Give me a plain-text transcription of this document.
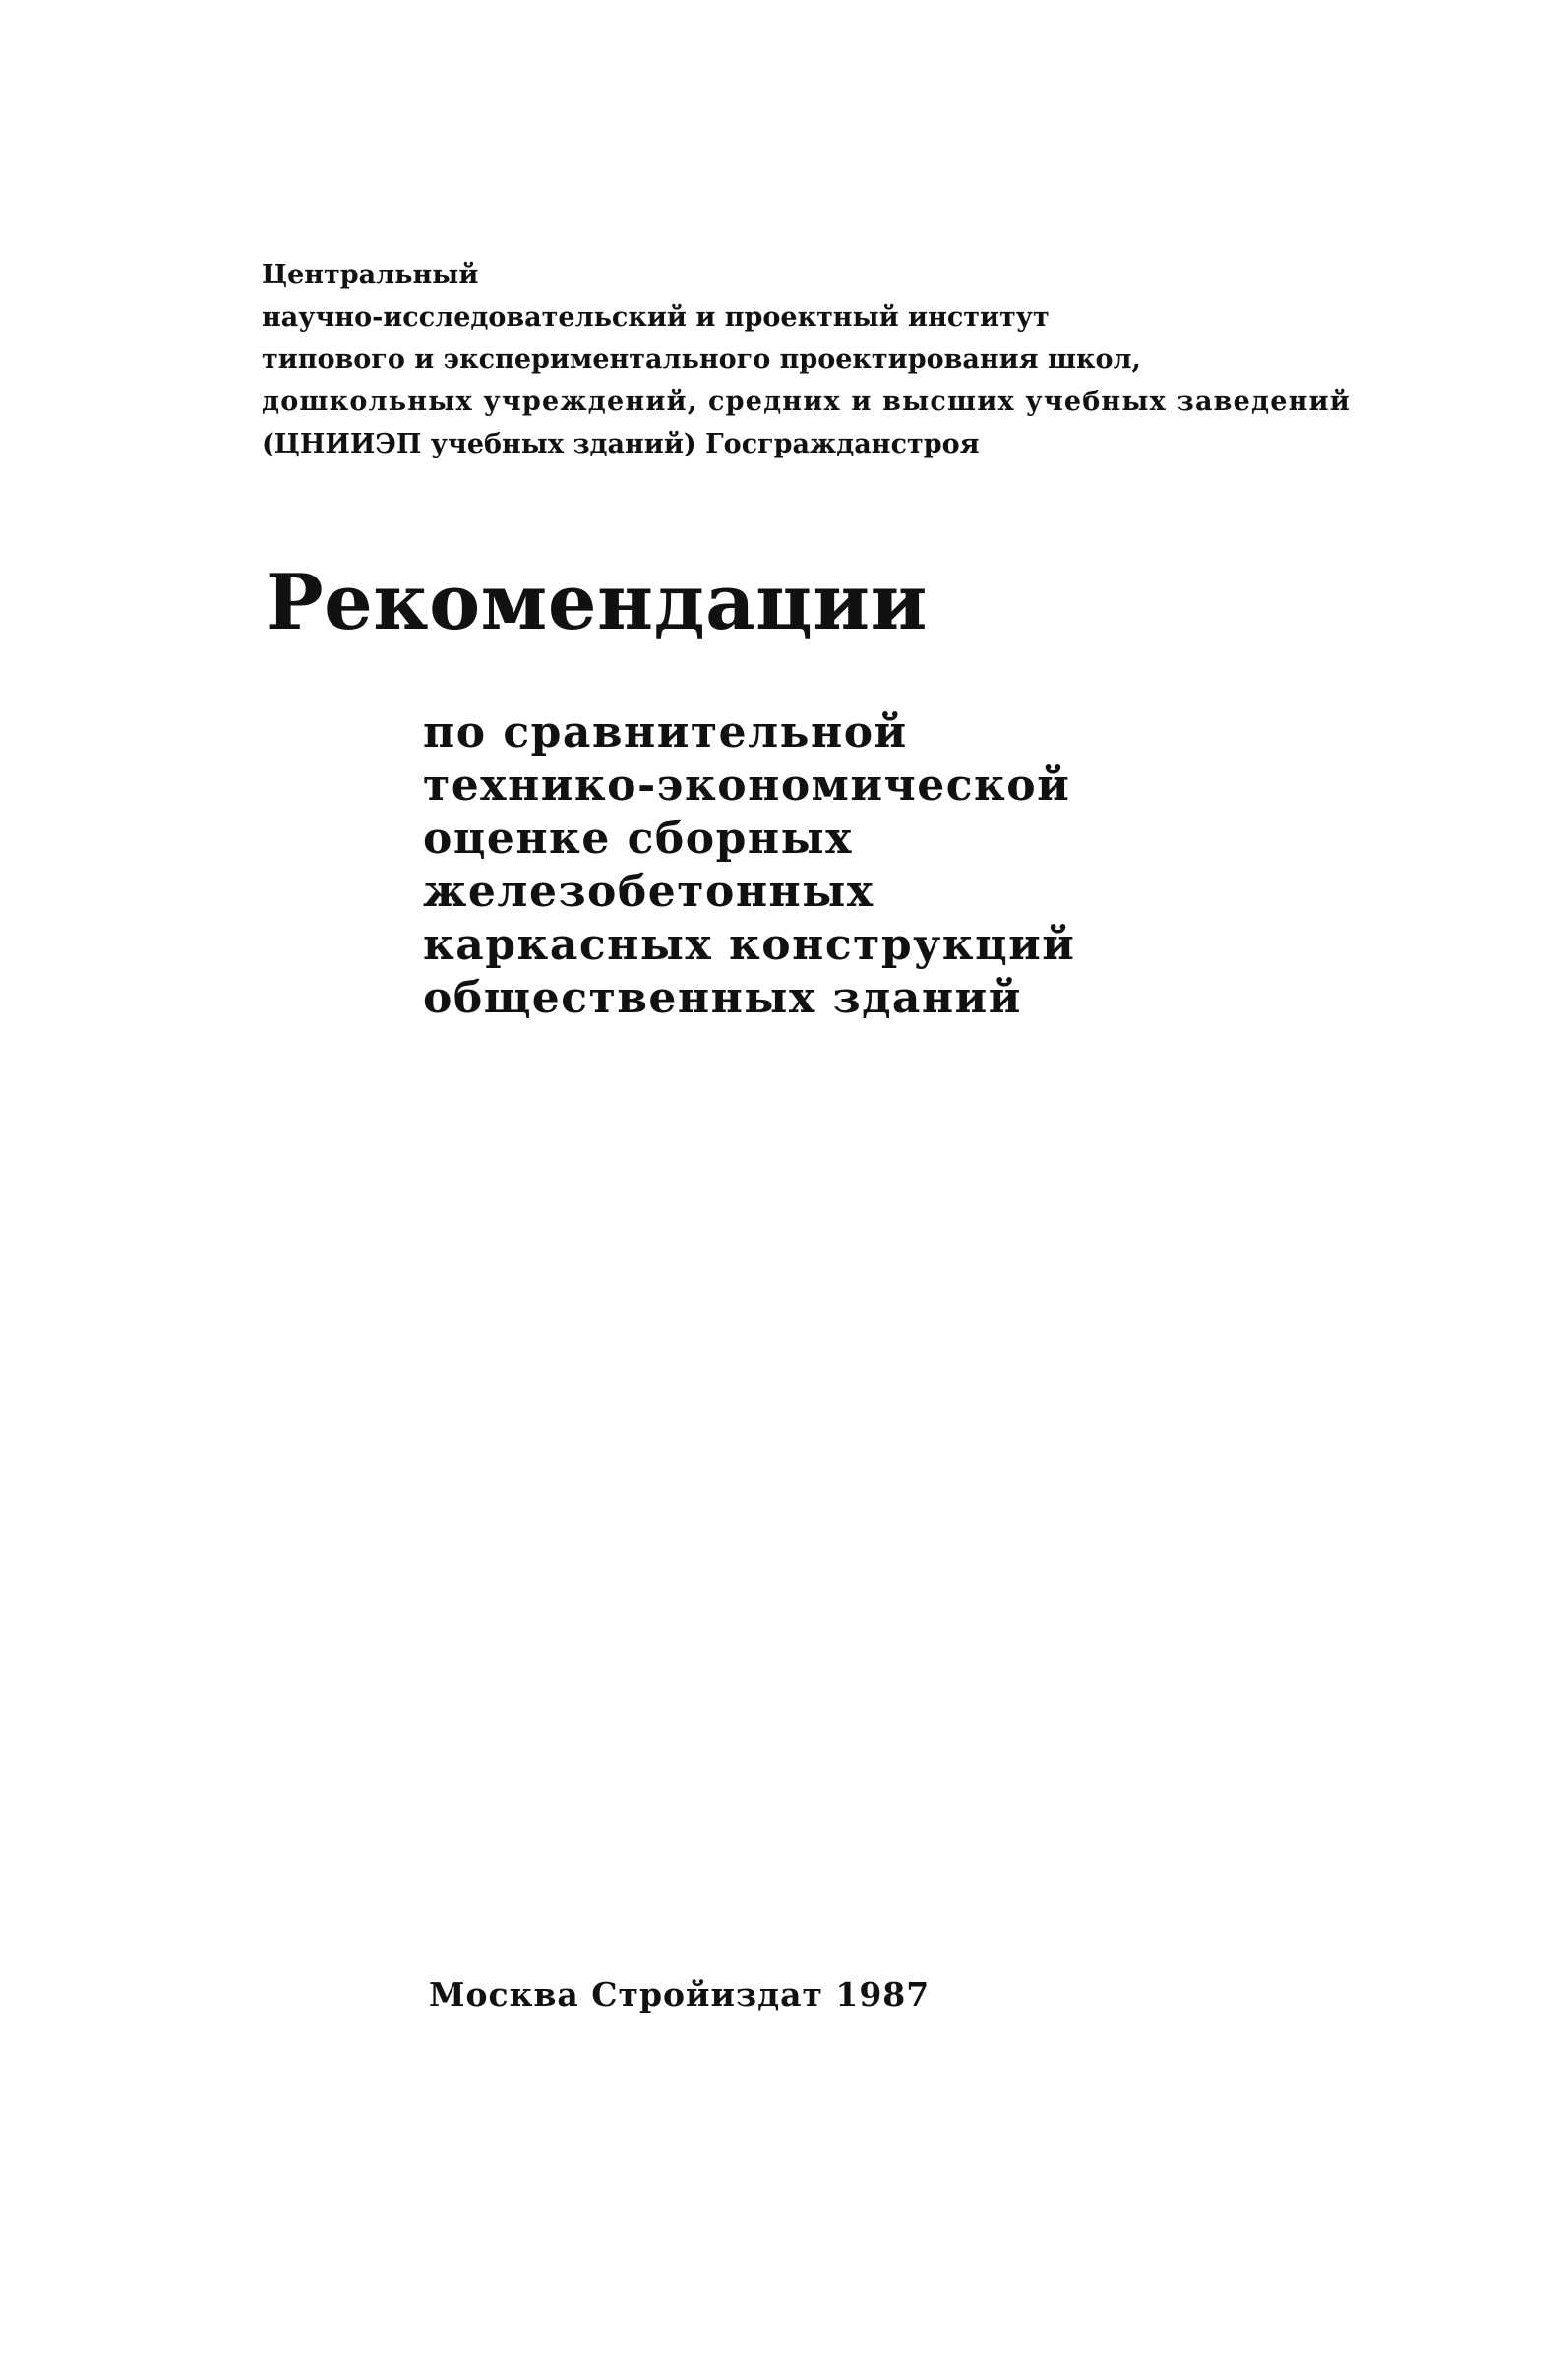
Центральный
научно-исследовательский и проектный институт
типового и экспериментального проектирования школ,
дошкольных учреждений, средних и высших учебных заведений
(ЦНИИЭП учебных зданий) Госгражданстроя
Рекомендации
по сравнительной
технико-экономической
оценке сборных
железобетонных
каркасных конструкций
общественных зданий
Москва Стройиздат 1987
